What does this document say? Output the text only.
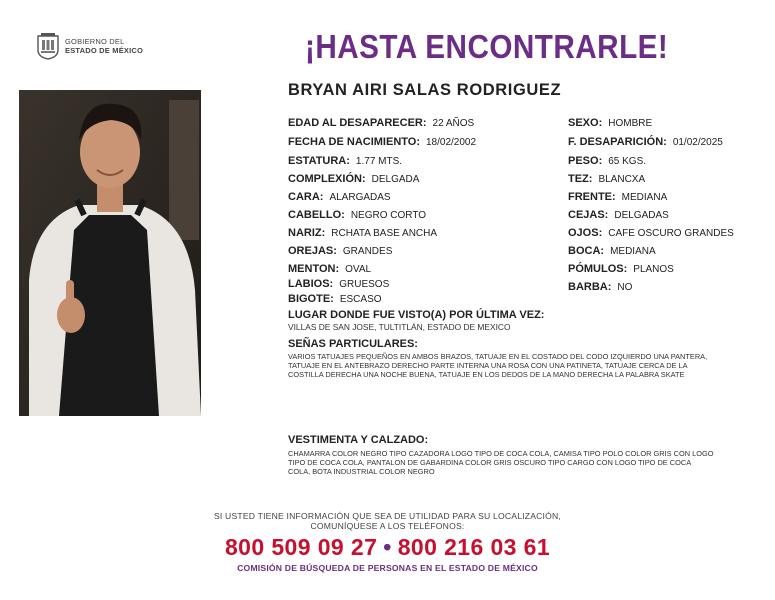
GOBIERNO DEL
ESTADO DE MÉXICO	¡HASTA ENCONTRARLE!
BRYAN AIRI SALAS RODRIGUEZ
EDAD AL DESAPARECER: 22 AÑOS
FECHA DE NACIMIENTO: 18/02/2002
ESTATURA: 1.77 MTS.
COMPLEXIÓN: DELGADA
CARA: ALARGADAS
CABELLO: NEGRO CORTO
NARIZ: RCHATA BASE ANCHA
OREJAS: GRANDES
MENTON: OVAL
LABIOS: GRUESOS
BIGOTE: ESCASO
SEXO: HOMBRE
F. DESAPARICIÓN: 01/02/2025
PESO: 65 KGS.
TEZ: BLANCXA
FRENTE: MEDIANA
CEJAS: DELGADAS
OJOS: CAFE OSCURO GRANDES
BOCA: MEDIANA
PÓMULOS: PLANOS
BARBA: NO
LUGAR DONDE FUE VISTO(A) POR ÚLTIMA VEZ:
VILLAS DE SAN JOSE, TULTITLÁN, ESTADO DE MEXICO
SEÑAS PARTICULARES:
VARIOS TATUAJES PEQUEÑOS EN AMBOS BRAZOS, TATUAJE EN EL COSTADO DEL CODO IZQUIERDO UNA PANTERA,
TATUAJE EN EL ANTEBRAZO DERECHO PARTE INTERNA UNA ROSA CON UNA PATINETA, TATUAJE CERCA DE LA
COSTILLA DERECHA UNA NOCHE BUENA, TATUAJE EN LOS DEDOS DE LA MANO DERECHA LA PALABRA SKATE
VESTIMENTA Y CALZADO:
CHAMARRA COLOR NEGRO TIPO CAZADORA LOGO TIPO DE COCA COLA, CAMISA TIPO POLO COLOR GRIS CON LOGO
TIPO DE COCA COLA, PANTALON DE GABARDINA COLOR GRIS OSCURO TIPO CARGO CON LOGO TIPO DE COCA
COLA, BOTA INDUSTRIAL COLOR NEGRO
SI USTED TIENE INFORMACIÓN QUE SEA DE UTILIDAD PARA SU LOCALIZACIÓN,
COMUNÍQUESE A LOS TELÉFONOS:
800 509 09 27 • 800 216 03 61
COMISIÓN DE BÚSQUEDA DE PERSONAS EN EL ESTADO DE MÉXICO
